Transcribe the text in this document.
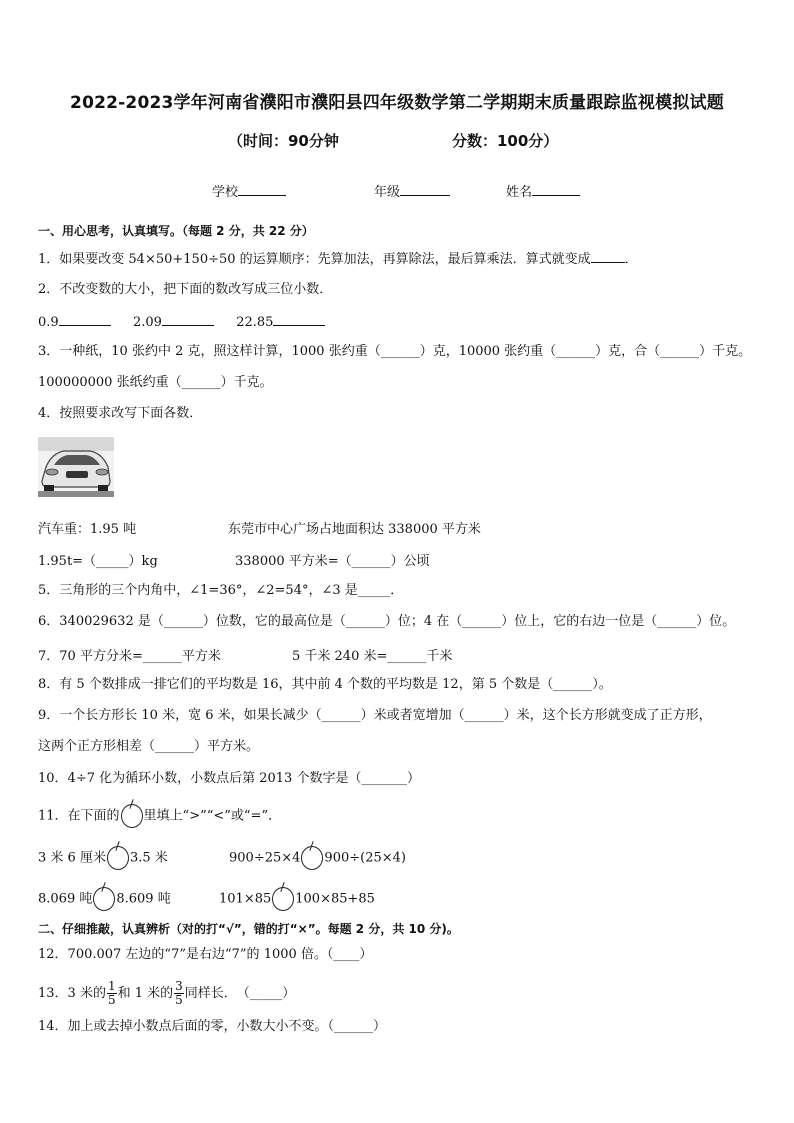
2022-2023学年河南省濮阳市濮阳县四年级数学第二学期期末质量跟踪监视模拟试题
（时间：90分钟	分数：100分）
学校	年级	姓名
一、用心思考，认真填写。（每题 2 分，共 22 分）
1．如果要改变 54×50+150÷50 的运算顺序：先算加法，再算除法，最后算乘法．算式就变成	．
2．不改变数的大小，把下面的数改写成三位小数．
0.9	2.09	22.85
3．一种纸，10 张约中 2 克，照这样计算，1000 张约重（______）克，10000 张约重（______）克，合（______）千克。
100000000 张纸约重（______）千克。
4．按照要求改写下面各数．
汽车重：1.95 吨	东莞市中心广场占地面积达 338000 平方米
1.95t=（_____）kg	338000 平方米=（______）公顷
5．三角形的三个内角中，∠1=36°，∠2=54°，∠3 是_____．
6．340029632 是（______）位数，它的最高位是（______）位；4 在（______）位上，它的右边一位是（______）位。
7．70 平方分米=______平方米	5 千米 240 米=______千米
8．有 5 个数排成一排它们的平均数是 16，其中前 4 个数的平均数是 12，第 5 个数是（______）。
9．一个长方形长 10 米，宽 6 米，如果长减少（______）米或者宽增加（______）米，这个长方形就变成了正方形，
这两个正方形相差（______）平方米。
10．4÷7 化为循环小数，小数点后第 2013 个数字是（_______）
11．在下面的 里填上“>”“<”或“=”．
3 米 6 厘米 3.5 米	900÷25×4 900÷(25×4)
8.069 吨 8.609 吨	101×85 100×85+85
二、仔细推敲，认真辨析（对的打“√”，错的打“×”。每题 2 分，共 10 分)。
12．700.007 左边的“7”是右边“7”的 1000 倍。（____）
13．3 米的 $\frac{1}{5}$ 和 1 米的 $\frac{3}{5}$ 同样长．　（_____）
14．加上或去掉小数点后面的零，小数大小不变。（______）
